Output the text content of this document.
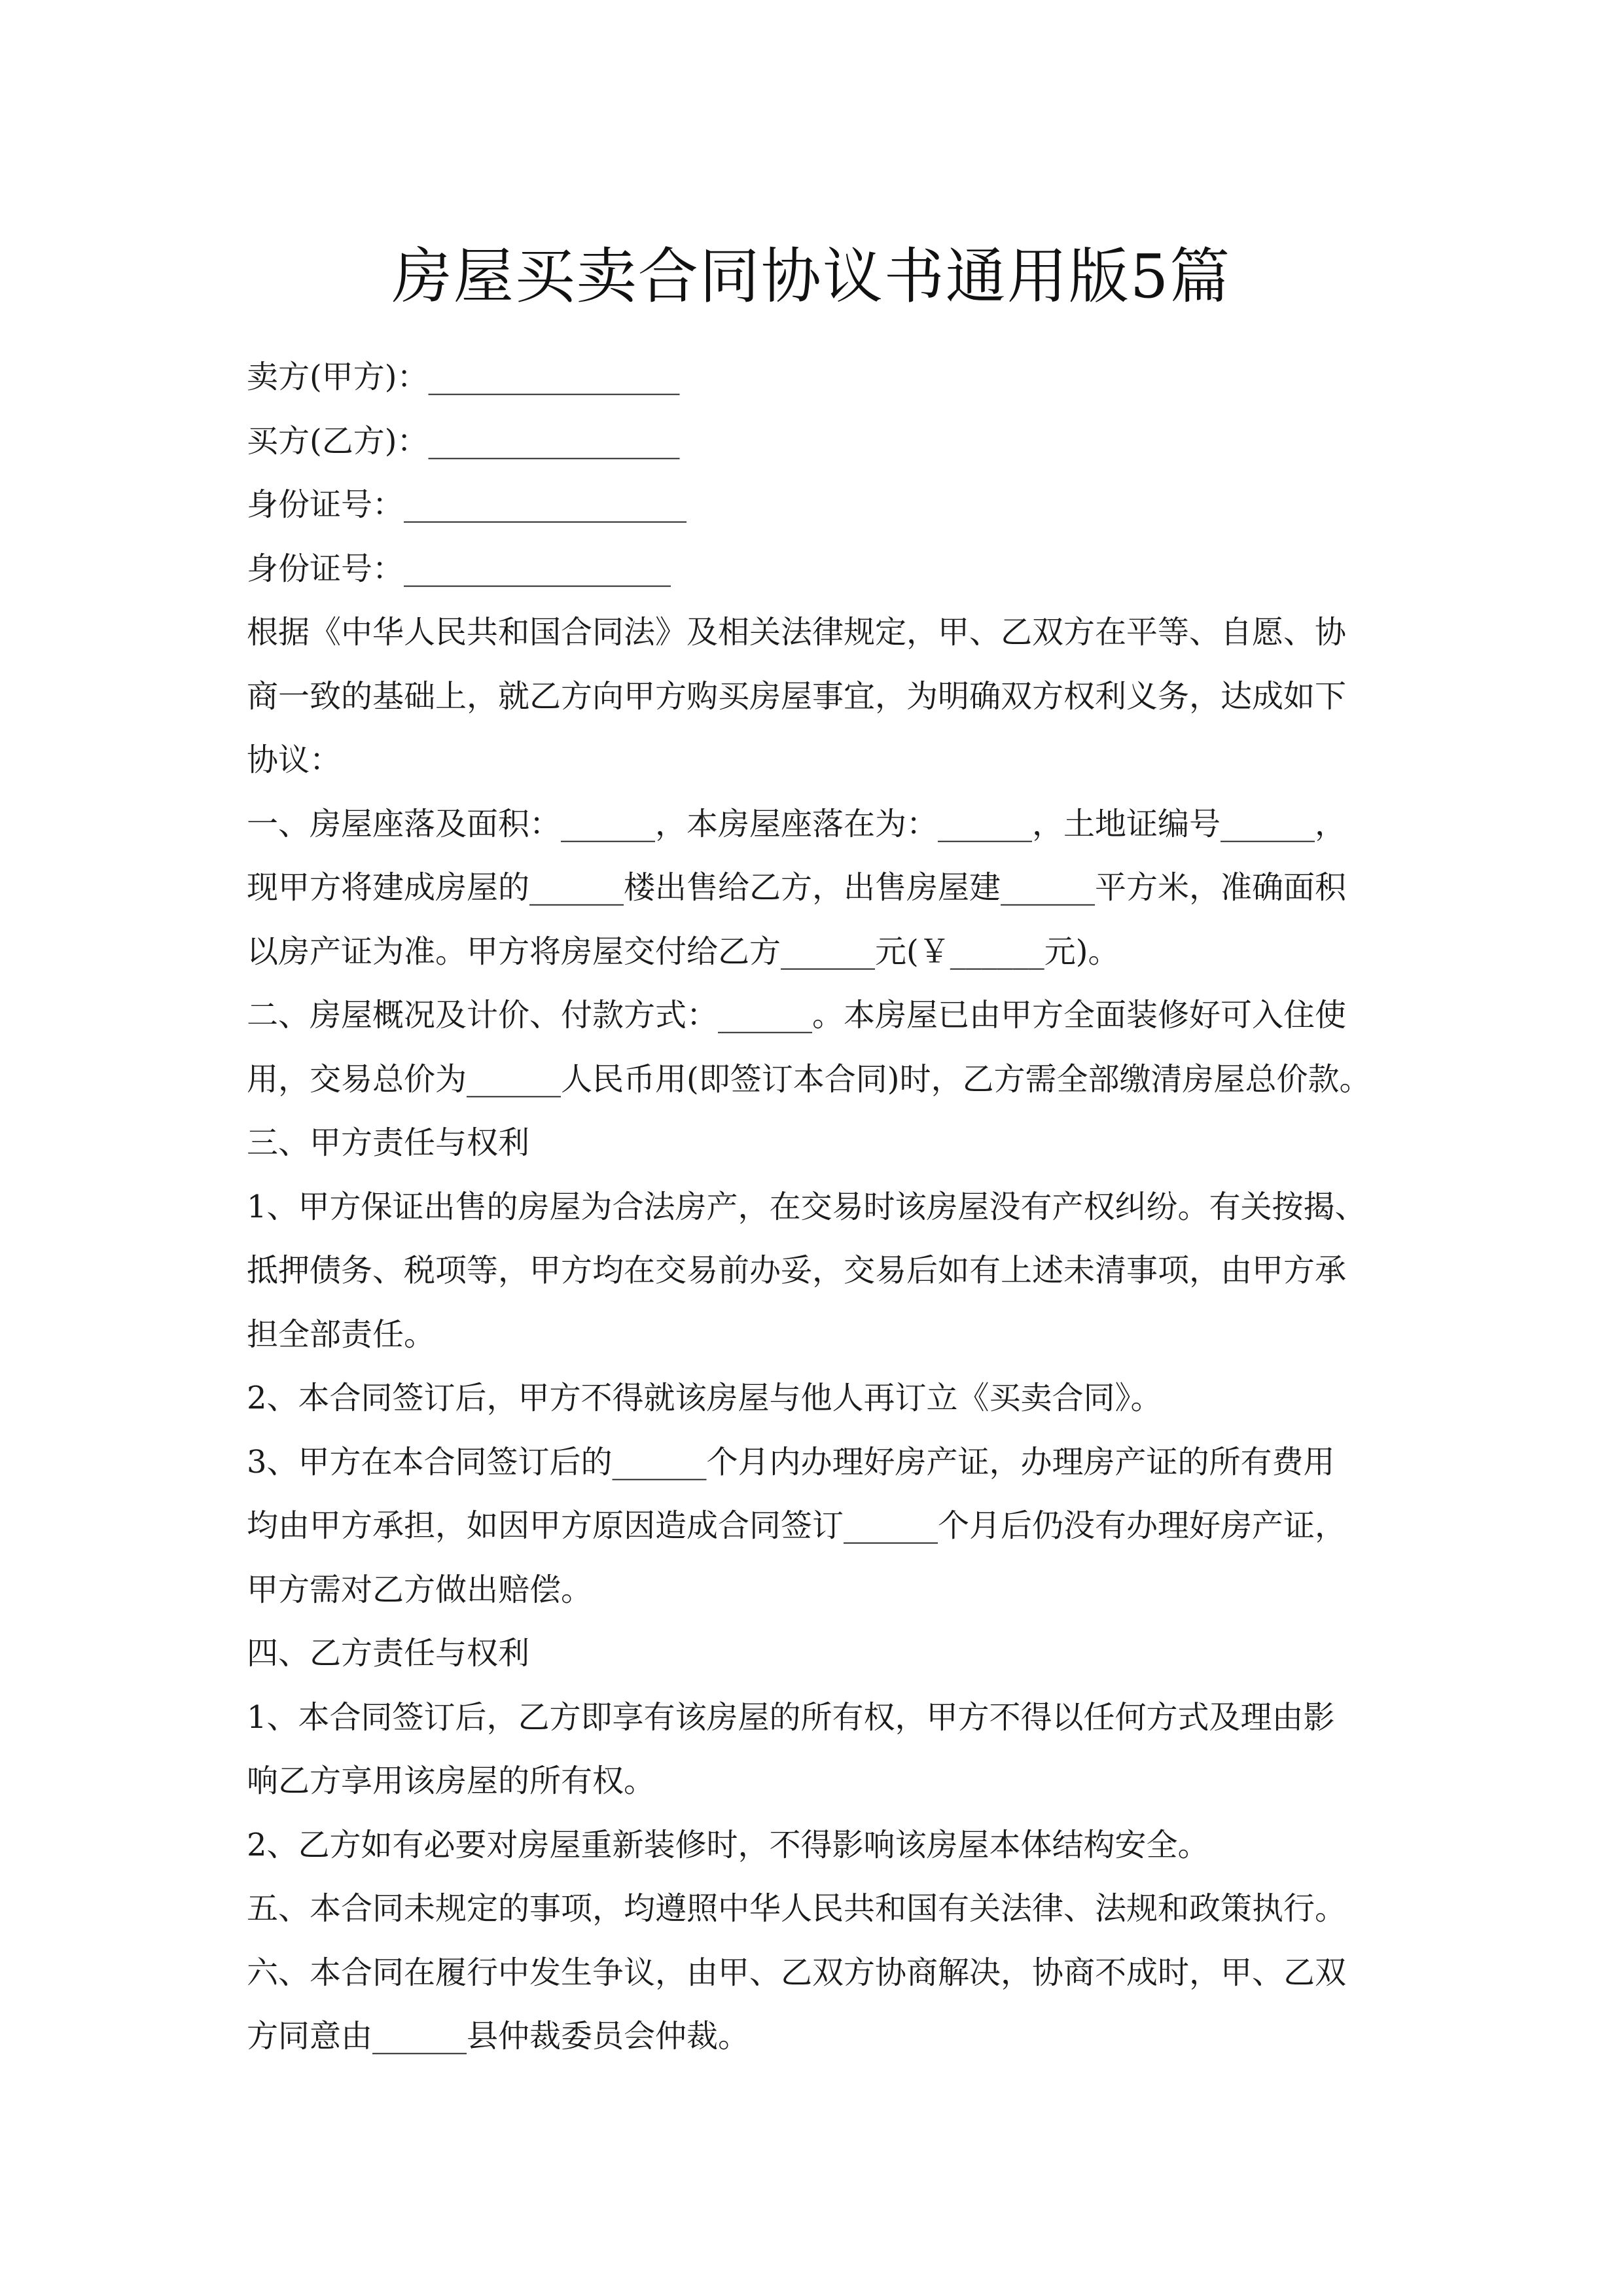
房屋买卖合同协议书通用版5篇
卖方(甲方)：________________
买方(乙方)：________________
身份证号：__________________
身份证号：_________________
根据《中华人民共和国合同法》及相关法律规定，甲、乙双方在平等、自愿、协
商一致的基础上，就乙方向甲方购买房屋事宜，为明确双方权利义务，达成如下
协议：
一、房屋座落及面积：______，本房屋座落在为：______，土地证编号______，
现甲方将建成房屋的______楼出售给乙方，出售房屋建______平方米，准确面积
以房产证为准。甲方将房屋交付给乙方______元(￥______元)。
二、房屋概况及计价、付款方式：______。本房屋已由甲方全面装修好可入住使
用，交易总价为______人民币用(即签订本合同)时，乙方需全部缴清房屋总价款。
三、甲方责任与权利
1、甲方保证出售的房屋为合法房产，在交易时该房屋没有产权纠纷。有关按揭、
抵押债务、税项等，甲方均在交易前办妥，交易后如有上述未清事项，由甲方承
担全部责任。
2、本合同签订后，甲方不得就该房屋与他人再订立《买卖合同》。
3、甲方在本合同签订后的______个月内办理好房产证，办理房产证的所有费用
均由甲方承担，如因甲方原因造成合同签订______个月后仍没有办理好房产证，
甲方需对乙方做出赔偿。
四、乙方责任与权利
1、本合同签订后，乙方即享有该房屋的所有权，甲方不得以任何方式及理由影
响乙方享用该房屋的所有权。
2、乙方如有必要对房屋重新装修时，不得影响该房屋本体结构安全。
五、本合同未规定的事项，均遵照中华人民共和国有关法律、法规和政策执行。
六、本合同在履行中发生争议，由甲、乙双方协商解决，协商不成时，甲、乙双
方同意由______县仲裁委员会仲裁。
